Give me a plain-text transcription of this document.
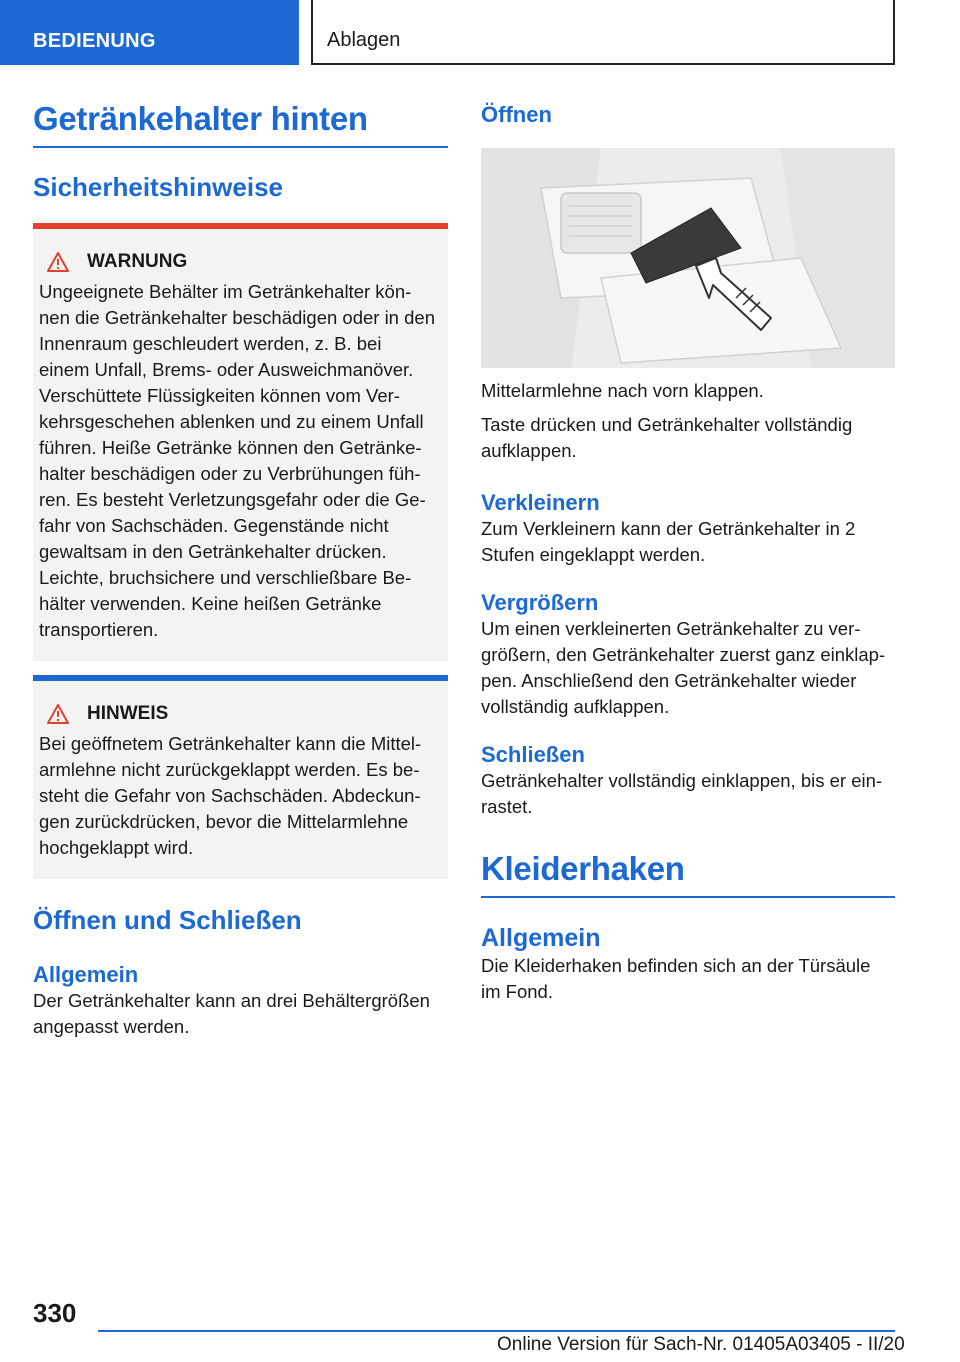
BEDIENUNG	Ablagen
Getränkehalter hinten
Sicherheitshinweise
WARNUNG

Ungeeignete Behälter im Getränkehalter kön‐nen die Getränkehalter beschädigen oder in den Innenraum geschleudert werden, z. B. bei einem Unfall, Brems- oder Ausweichmanöver. Verschüttete Flüssigkeiten können vom Ver‐kehrsgeschehen ablenken und zu einem Unfall führen. Heiße Getränke können den Getränke‐halter beschädigen oder zu Verbrühungen füh‐ren. Es besteht Verletzungsgefahr oder die Ge‐fahr von Sachschäden. Gegenstände nicht gewaltsam in den Getränkehalter drücken. Leichte, bruchsichere und verschließbare Be‐hälter verwenden. Keine heißen Getränke transportieren.

HINWEIS

Bei geöffnetem Getränkehalter kann die Mittel‐armlehne nicht zurückgeklappt werden. Es be‐steht die Gefahr von Sachschäden. Abdeckun‐gen zurückdrücken, bevor die Mittelarmlehne hochgeklappt wird.

Öffnen und Schließen
Allgemein

Der Getränkehalter kann an drei Behältergrößen angepasst werden.

Öffnen

Mittelarmlehne nach vorn klappen.

Taste drücken und Getränkehalter vollständig aufklappen.

Verkleinern

Zum Verkleinern kann der Getränkehalter in 2 Stufen eingeklappt werden.

Vergrößern

Um einen verkleinerten Getränkehalter zu ver‐größern, den Getränkehalter zuerst ganz einklap‐pen. Anschließend den Getränkehalter wieder vollständig aufklappen.

Schließen

Getränkehalter vollständig einklappen, bis er ein‐rastet.

Kleiderhaken
Allgemein

Die Kleiderhaken befinden sich an der Türsäule im Fond.

330
Online Version für Sach-Nr. 01405A03405 - II/20
